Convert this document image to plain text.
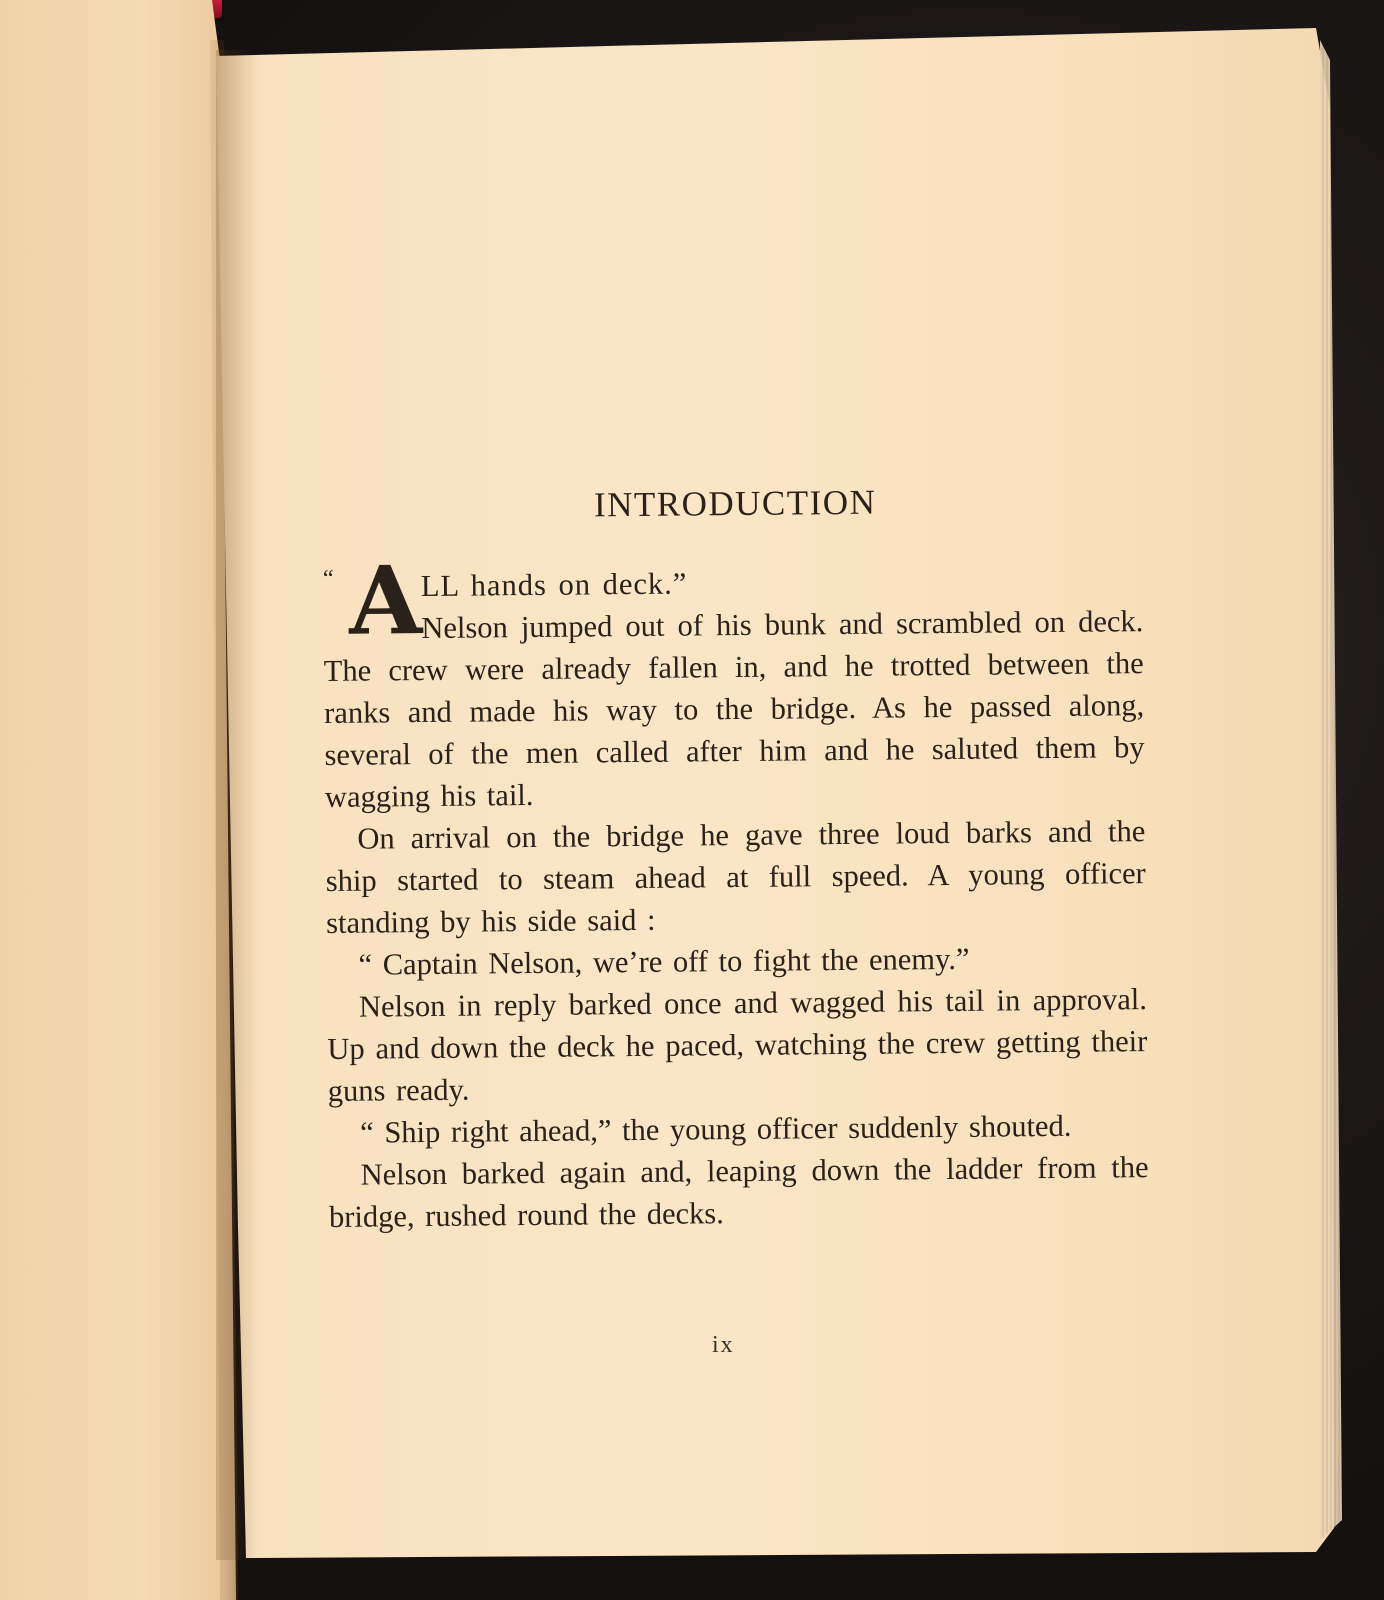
INTRODUCTION

“ A
LL hands on deck.”
Nelson jumped out of his bunk and scrambled on deck. The crew were already fallen in, and he trotted between the ranks and made his way to the bridge. As he passed along, several of the men called after him and he saluted them by wagging his tail.

On arrival on the bridge he gave three loud barks and the ship started to steam ahead at full speed. A young officer standing by his side said :

“ Captain Nelson, we’re off to fight the enemy.”

Nelson in reply barked once and wagged his tail in approval. Up and down the deck he paced, watching the crew getting their guns ready.

“ Ship right ahead,” the young officer suddenly shouted.

Nelson barked again and, leaping down the ladder from the bridge, rushed round the decks.

ix
